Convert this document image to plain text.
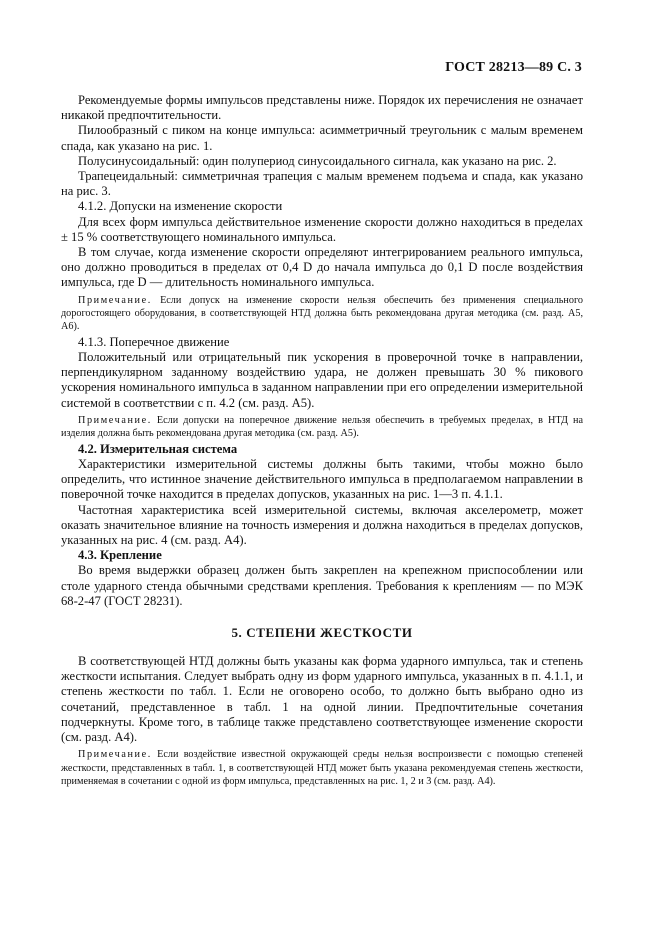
ГОСТ 28213—89 С. 3

Рекомендуемые формы импульсов представлены ниже. Порядок их перечисления не означает никакой предпочтительности.

Пилообразный с пиком на конце импульса: асимметричный треугольник с малым временем спада, как указано на рис. 1.

Полусинусоидальный: один полупериод синусоидального сигнала, как указано на рис. 2.

Трапецеидальный: симметричная трапеция с малым временем подъема и спада, как указано на рис. 3.

4.1.2. Допуски на изменение скорости

Для всех форм импульса действительное изменение скорости должно находиться в пределах ± 15 % соответствующего номинального импульса.

В том случае, когда изменение скорости определяют интегрированием реального импульса, оно должно проводиться в пределах от 0,4 D до начала импульса до 0,1 D после воздействия импульса, где D — длительность номинального импульса.

Примечание. Если допуск на изменение скорости нельзя обеспечить без применения специального дорогостоящего оборудования, в соответствующей НТД должна быть рекомендована другая методика (см. разд. А5, А6).

4.1.3. Поперечное движение

Положительный или отрицательный пик ускорения в проверочной точке в направлении, перпендикулярном заданному воздействию удара, не должен превышать 30 % пикового ускорения номинального импульса в заданном направлении при его определении измерительной системой в соответствии с п. 4.2 (см. разд. А5).

Примечание. Если допуски на поперечное движение нельзя обеспечить в требуемых пределах, в НТД на изделия должна быть рекомендована другая методика (см. разд. А5).

4.2. Измерительная система

Характеристики измерительной системы должны быть такими, чтобы можно было определить, что истинное значение действительного импульса в предполагаемом направлении в поверочной точке находится в пределах допусков, указанных на рис. 1—3 п. 4.1.1.

Частотная характеристика всей измерительной системы, включая акселерометр, может оказать значительное влияние на точность измерения и должна находиться в пределах допусков, указанных на рис. 4 (см. разд. А4).

4.3. Крепление

Во время выдержки образец должен быть закреплен на крепежном приспособлении или столе ударного стенда обычными средствами крепления. Требования к креплениям — по МЭК 68-2-47 (ГОСТ 28231).

5. СТЕПЕНИ ЖЕСТКОСТИ

В соответствующей НТД должны быть указаны как форма ударного импульса, так и степень жесткости испытания. Следует выбрать одну из форм ударного импульса, указанных в п. 4.1.1, и степень жесткости по табл. 1. Если не оговорено особо, то должно быть выбрано одно из сочетаний, представленное в табл. 1 на одной линии. Предпочтительные сочетания подчеркнуты. Кроме того, в таблице также представлено соответствующее изменение скорости (см. разд. А4).

Примечание. Если воздействие известной окружающей среды нельзя воспроизвести с помощью степеней жесткости, представленных в табл. 1, в соответствующей НТД может быть указана рекомендуемая степень жесткости, применяемая в сочетании с одной из форм импульса, представленных на рис. 1, 2 и 3 (см. разд. А4).
